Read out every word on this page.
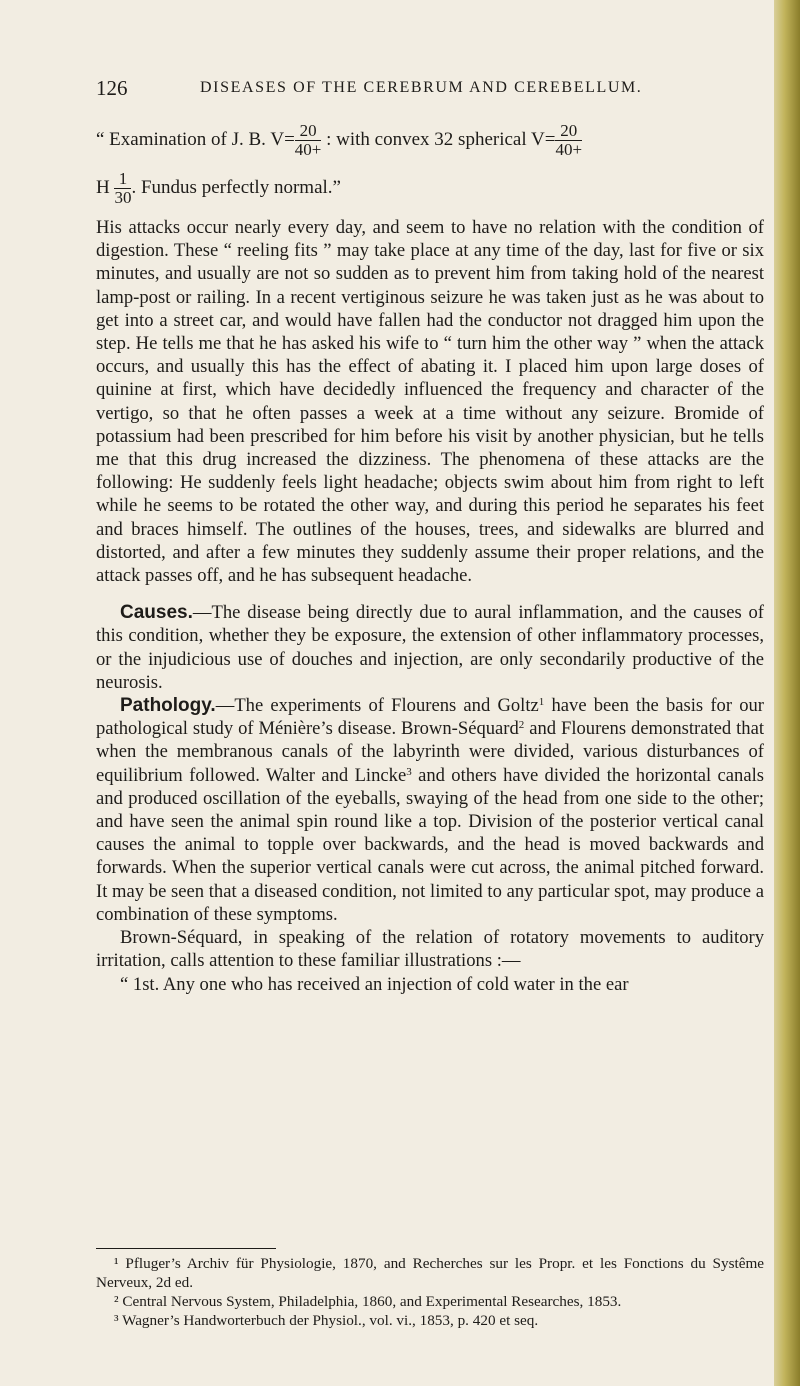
126	DISEASES OF THE CEREBRUM AND CEREBELLUM.
“ Examination of J. B. $V= \frac{20}{40+}$ : with convex 32 spherical $V= \frac{20}{40+}$
H $\frac{1}{30}$ . Fundus perfectly normal.”

His attacks occur nearly every day, and seem to have no relation with the condition of digestion. These “ reeling fits ” may take place at any time of the day, last for five or six minutes, and usually are not so sudden as to prevent him from taking hold of the nearest lamp-post or railing. In a recent vertiginous seizure he was taken just as he was about to get into a street car, and would have fallen had the conductor not dragged him upon the step. He tells me that he has asked his wife to “ turn him the other way ” when the attack occurs, and usually this has the effect of abating it. I placed him upon large doses of quinine at first, which have decidedly influenced the frequency and character of the vertigo, so that he often passes a week at a time without any seizure. Bromide of potassium had been prescribed for him before his visit by another physician, but he tells me that this drug increased the dizziness. The phenomena of these attacks are the following: He suddenly feels light headache; objects swim about him from right to left while he seems to be rotated the other way, and during this period he separates his feet and braces himself. The outlines of the houses, trees, and sidewalks are blurred and distorted, and after a few minutes they suddenly assume their proper relations, and the attack passes off, and he has subsequent headache.

Causes.—The disease being directly due to aural inflammation, and the causes of this condition, whether they be exposure, the extension of other inflammatory processes, or the injudicious use of douches and injection, are only secondarily productive of the neurosis.

Pathology.—The experiments of Flourens and Goltz$^1$ have been the basis for our pathological study of Ménière’s disease. Brown-Séquard$^2$ and Flourens demonstrated that when the membranous canals of the labyrinth were divided, various disturbances of equilibrium followed. Walter and Lincke$^3$ and others have divided the horizontal canals and produced oscillation of the eyeballs, swaying of the head from one side to the other; and have seen the animal spin round like a top. Division of the posterior vertical canal causes the animal to topple over backwards, and the head is moved backwards and forwards. When the superior vertical canals were cut across, the animal pitched forward. It may be seen that a diseased condition, not limited to any particular spot, may produce a combination of these symptoms.

Brown-Séquard, in speaking of the relation of rotatory movements to auditory irritation, calls attention to these familiar illustrations :—

“ 1st. Any one who has received an injection of cold water in the ear

¹ Pfluger’s Archiv für Physiologie, 1870, and Recherches sur les Propr. et les Fonctions du Systême Nerveux, 2d ed.

² Central Nervous System, Philadelphia, 1860, and Experimental Researches, 1853.

³ Wagner’s Handworterbuch der Physiol., vol. vi., 1853, p. 420 et seq.
